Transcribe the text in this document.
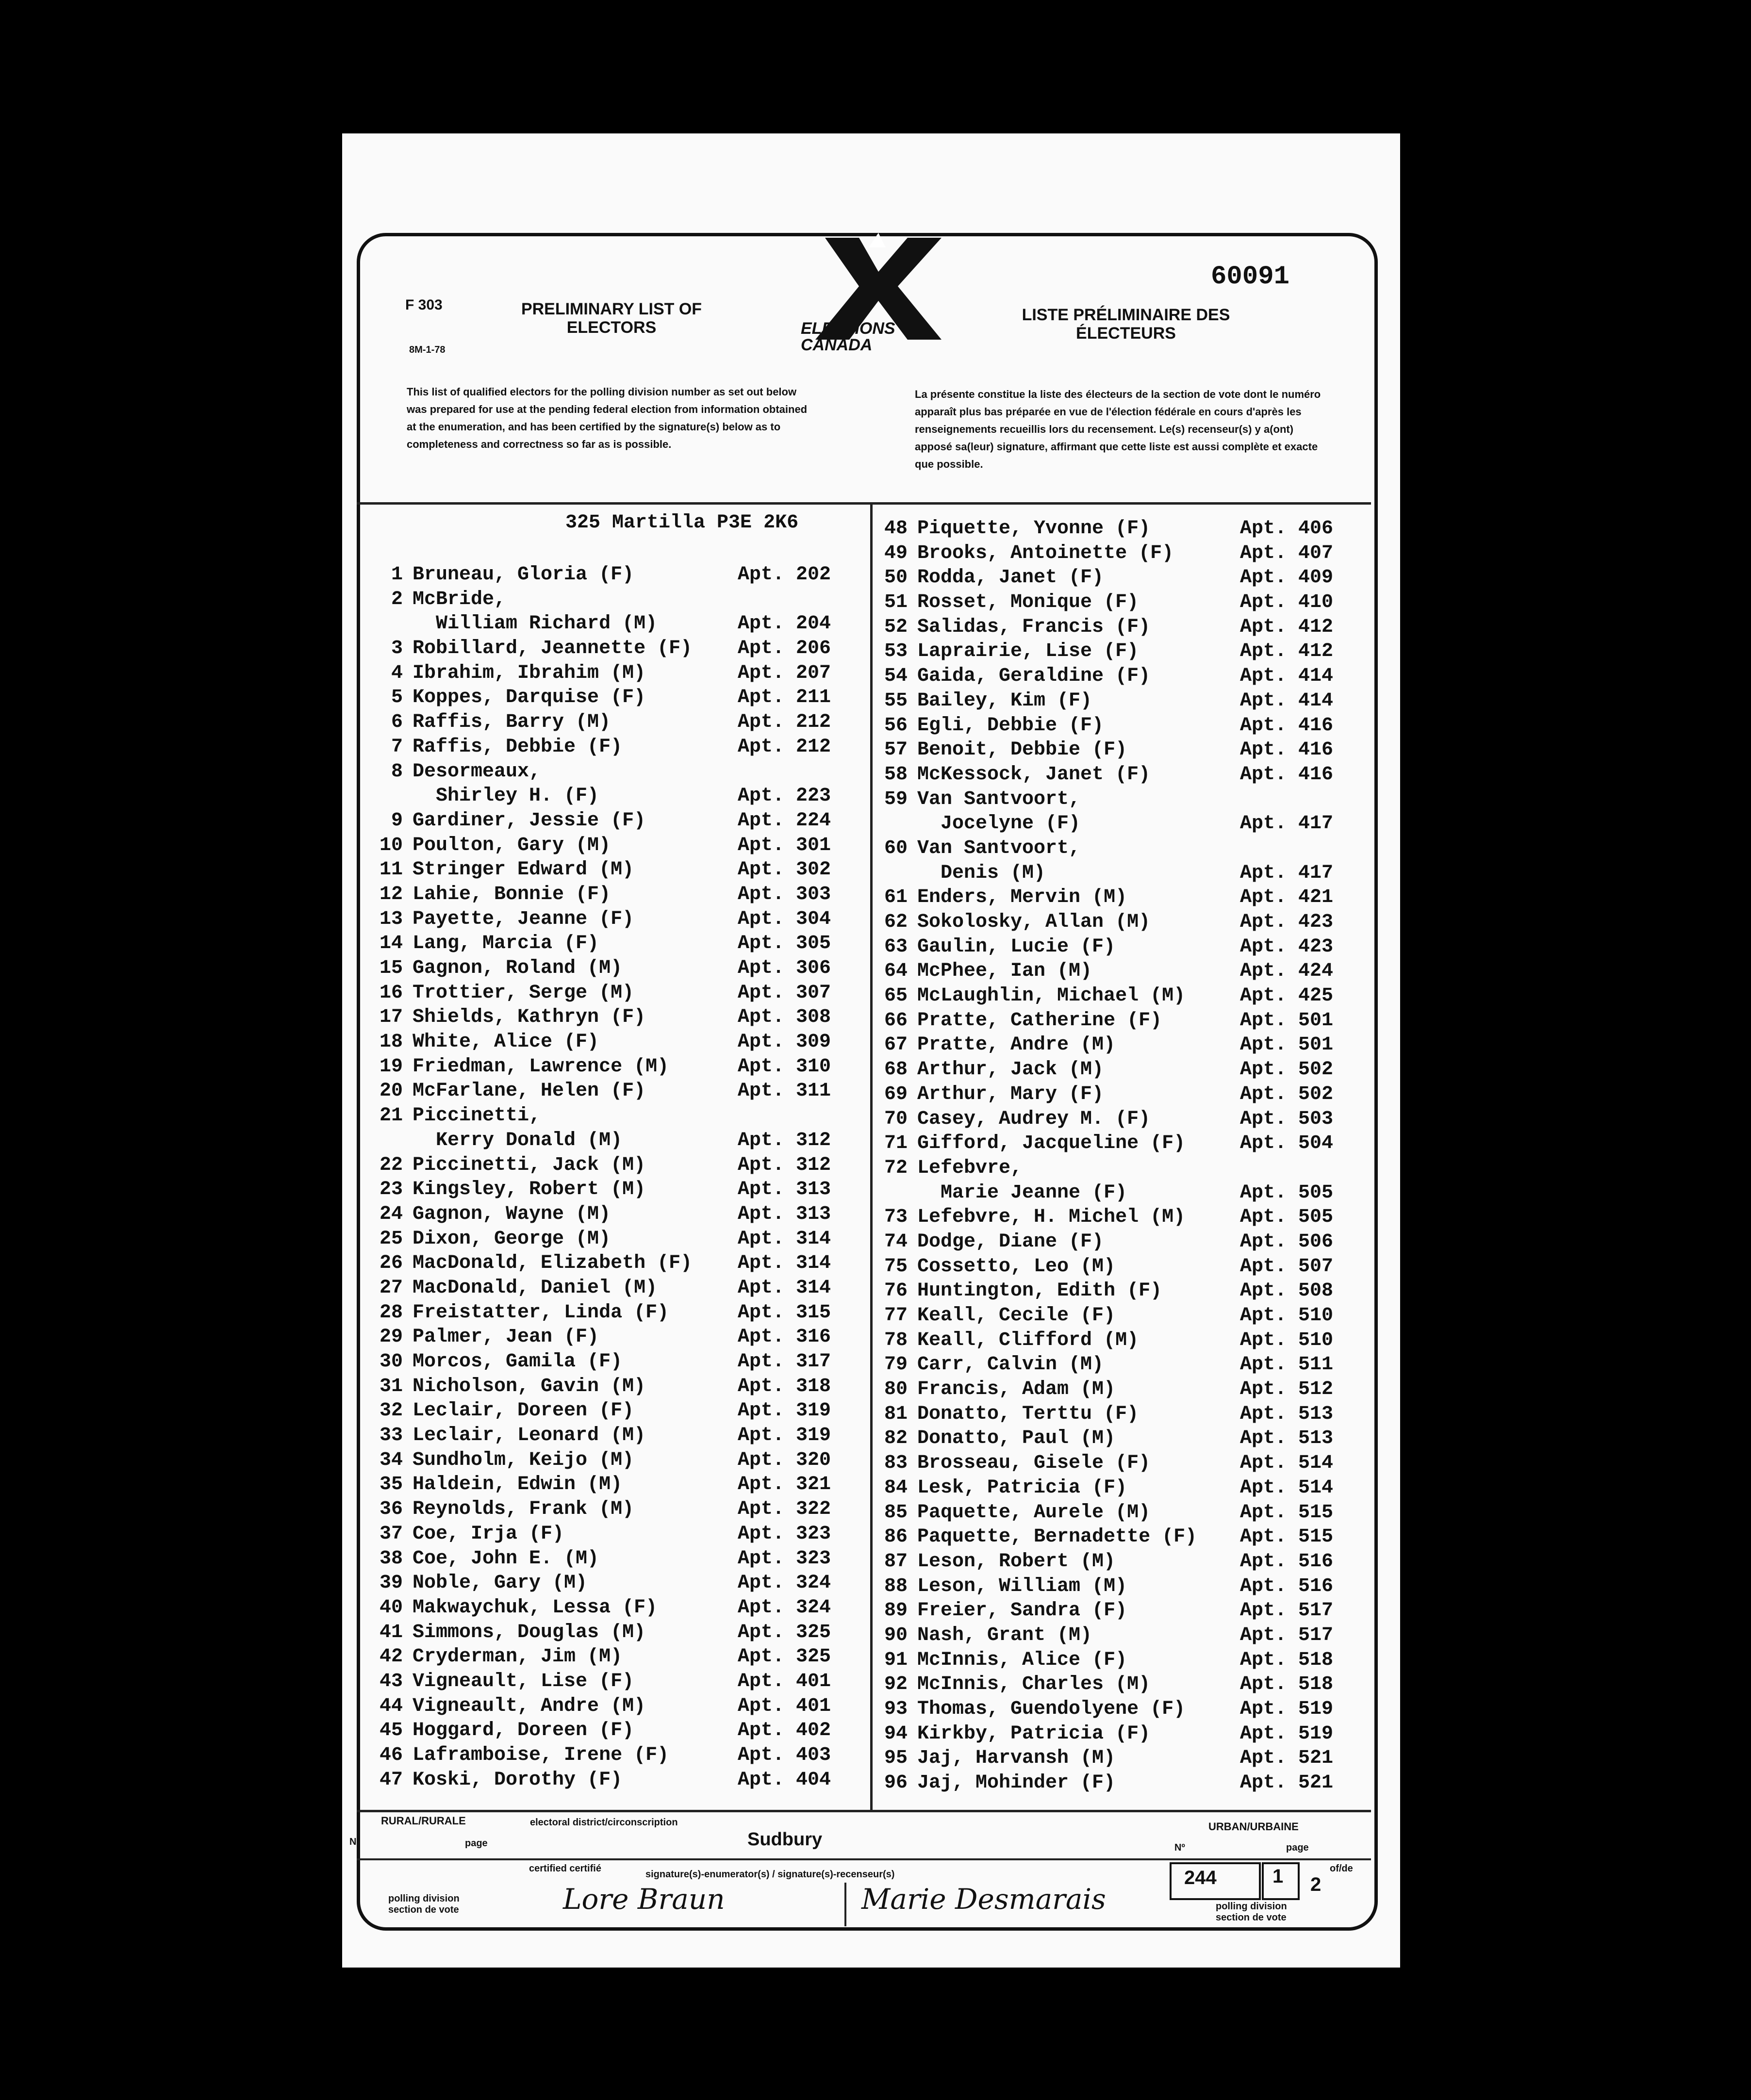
F 303
8M-1-78
PRELIMINARY LIST OF ELECTORS	ELECTIONS CANADA
60091
LISTE PRÉLIMINAIRE DES ÉLECTEURS
This list of qualified electors for the polling division number as set out below was prepared for use at the pending federal election from information obtained at the enumeration, and has been certified by the signature(s) below as to completeness and correctness so far as is possible.
La présente constitue la liste des électeurs de la section de vote dont le numéro apparaît plus bas préparée en vue de l'élection fédérale en cours d'après les renseignements recueillis lors du recensement. Le(s) recenseur(s) y a(ont) apposé sa(leur) signature, affirmant que cette liste est aussi complète et exacte que possible.
325 Martilla P3E 2K6
1 Bruneau, Gloria (F)	Apt. 202
2 McBride,
William Richard (M)	Apt. 204
3 Robillard, Jeannette (F) Apt. 206
4 Ibrahim, Ibrahim (M)	Apt. 207
5 Koppes, Darquise (F)	Apt. 211
6 Raffis, Barry (M)	Apt. 212
7 Raffis, Debbie (F)	Apt. 212
8 Desormeaux,
Shirley H. (F)	Apt. 223
9 Gardiner, Jessie (F)	Apt. 224
10 Poulton, Gary (M)	Apt. 301
11 Stringer Edward (M)	Apt. 302
12 Lahie, Bonnie (F)	Apt. 303
13 Payette, Jeanne (F)	Apt. 304
14 Lang, Marcia (F)	Apt. 305
15 Gagnon, Roland (M)	Apt. 306
16 Trottier, Serge (M)	Apt. 307
17 Shields, Kathryn (F)	Apt. 308
18 White, Alice (F)	Apt. 309
19 Friedman, Lawrence (M)	Apt. 310
20 McFarlane, Helen (F)	Apt. 311
21 Piccinetti,
Kerry Donald (M)	Apt. 312
22 Piccinetti, Jack (M)	Apt. 312
23 Kingsley, Robert (M)	Apt. 313
24 Gagnon, Wayne (M)	Apt. 313
25 Dixon, George (M)	Apt. 314
26 MacDonald, Elizabeth (F) Apt. 314
27 MacDonald, Daniel (M)	Apt. 314
28 Freistatter, Linda (F)	Apt. 315
29 Palmer, Jean (F)	Apt. 316
30 Morcos, Gamila (F)	Apt. 317
31 Nicholson, Gavin (M)	Apt. 318
32 Leclair, Doreen (F)	Apt. 319
33 Leclair, Leonard (M)	Apt. 319
34 Sundholm, Keijo (M)	Apt. 320
35 Haldein, Edwin (M)	Apt. 321
36 Reynolds, Frank (M)	Apt. 322
37 Coe, Irja (F)	Apt. 323
38 Coe, John E. (M)	Apt. 323
39 Noble, Gary (M)	Apt. 324
40 Makwaychuk, Lessa (F)	Apt. 324
41 Simmons, Douglas (M)	Apt. 325
42 Cryderman, Jim (M)	Apt. 325
43 Vigneault, Lise (F)	Apt. 401
44 Vigneault, Andre (M)	Apt. 401
45 Hoggard, Doreen (F)	Apt. 402
46 Laframboise, Irene (F)	Apt. 403
47 Koski, Dorothy (F)	Apt. 404
48 Piquette, Yvonne (F)	Apt. 406
49 Brooks, Antoinette (F)	Apt. 407
50 Rodda, Janet (F)	Apt. 409
51 Rosset, Monique (F)	Apt. 410
52 Salidas, Francis (F)	Apt. 412
53 Laprairie, Lise (F)	Apt. 412
54 Gaida, Geraldine (F)	Apt. 414
55 Bailey, Kim (F)	Apt. 414
56 Egli, Debbie (F)	Apt. 416
57 Benoit, Debbie (F)	Apt. 416
58 McKessock, Janet (F)	Apt. 416
59 Van Santvoort,
Jocelyne (F)	Apt. 417
60 Van Santvoort,
Denis (M)	Apt. 417
61 Enders, Mervin (M)	Apt. 421
62 Sokolosky, Allan (M)	Apt. 423
63 Gaulin, Lucie (F)	Apt. 423
64 McPhee, Ian (M)	Apt. 424
65 McLaughlin, Michael (M)	Apt. 425
66 Pratte, Catherine (F)	Apt. 501
67 Pratte, Andre (M)	Apt. 501
68 Arthur, Jack (M)	Apt. 502
69 Arthur, Mary (F)	Apt. 502
70 Casey, Audrey M. (F)	Apt. 503
71 Gifford, Jacqueline (F)	Apt. 504
72 Lefebvre,
Marie Jeanne (F)	Apt. 505
73 Lefebvre, H. Michel (M)	Apt. 505
74 Dodge, Diane (F)	Apt. 506
75 Cossetto, Leo (M)	Apt. 507
76 Huntington, Edith (F)	Apt. 508
77 Keall, Cecile (F)	Apt. 510
78 Keall, Clifford (M)	Apt. 510
79 Carr, Calvin (M)	Apt. 511
80 Francis, Adam (M)	Apt. 512
81 Donatto, Terttu (F)	Apt. 513
82 Donatto, Paul (M)	Apt. 513
83 Brosseau, Gisele (F)	Apt. 514
84 Lesk, Patricia (F)	Apt. 514
85 Paquette, Aurele (M)	Apt. 515
86 Paquette, Bernadette (F) Apt. 515
87 Leson, Robert (M)	Apt. 516
88 Leson, William (M)	Apt. 516
89 Freier, Sandra (F)	Apt. 517
90 Nash, Grant (M)	Apt. 517
91 McInnis, Alice (F)	Apt. 518
92 McInnis, Charles (M)	Apt. 518
93 Thomas, Guendolyene (F)	Apt. 519
94 Kirkby, Patricia (F)	Apt. 519
95 Jaj, Harvansh (M)	Apt. 521
96 Jaj, Mohinder (F)	Apt. 521
RURAL/RURALE	URBAN/URBAINE
electoral district/circonscription
Sudbury
Nº	page	page
Nº
of/de
certified certifié
signature(s)-enumerator(s) / signature(s)-recenseur(s)
polling division section de vote	polling division section de vote
244	1 2
Lore Braun	Marie Desmarais
